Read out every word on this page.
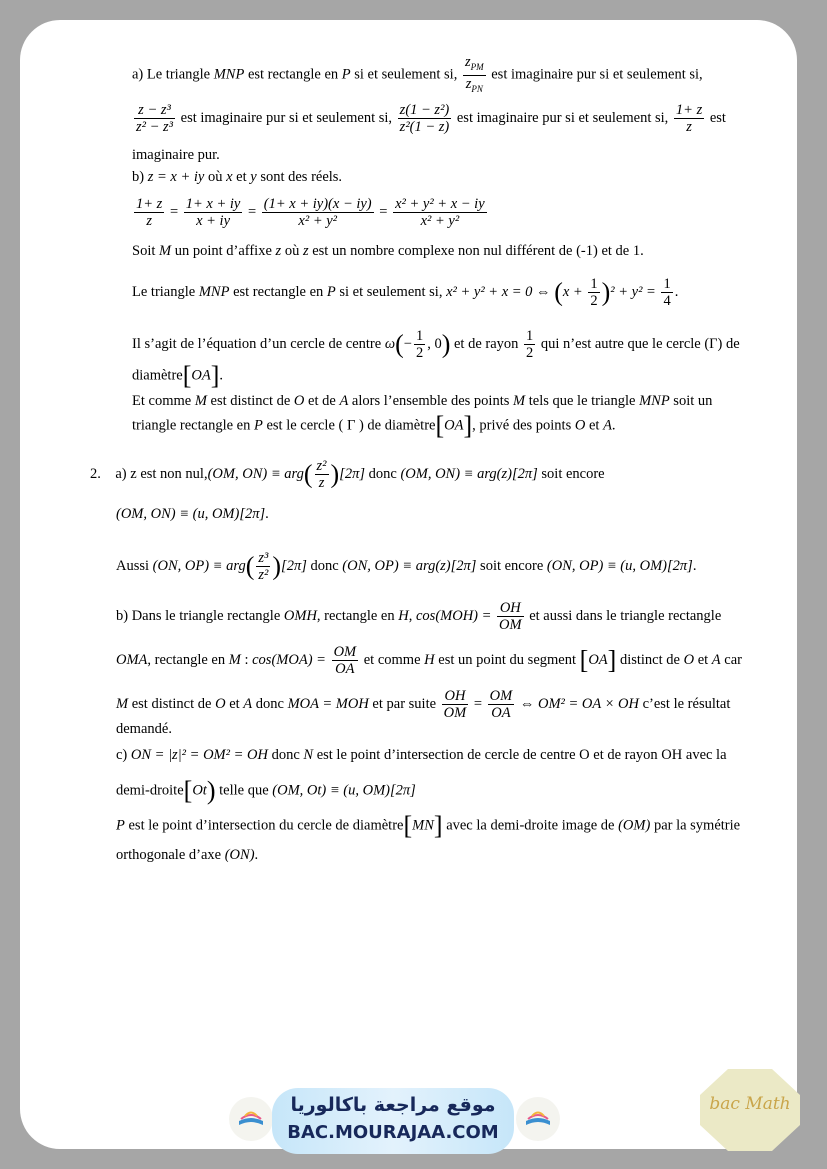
a) Le triangle MNP est rectangle en P si et seulement si, $\frac{z_{PM}}{z_{PN}}$ est imaginaire pur si et seulement si,
$\frac{\text{z − z³}}{\text{z² − z³}}$ est imaginaire pur si et seulement si, $\frac{\text{z(1 − z²)}}{\text{z²(1 − z)}}$ est imaginaire pur si et seulement si, $\frac{1+ z}{z}$ est
imaginaire pur.
b) z = x + iy où x et y sont des réels.
$\frac{1+ z}{z} = \frac{1+ x + iy}{x + iy} = \frac{(1+ x + iy)(x - iy)}{\text{x² + y²}} = \frac{\text{x² + y² + x − iy}}{\text{x² + y²}}$
Soit M un point d’affixe z où z est un nombre complexe non nul différent de (-1) et de 1.
Le triangle MNP est rectangle en P si et seulement si, x² + y² + x = 0 ⇔ $(x + \frac{1}{2} )^2 + y^2 = \frac{1}{4}$ .
Il s’agit de l’équation d’un cercle de centre $\omega(- \frac{1}{2}$ , 0) et de rayon $\frac{1}{2}$ qui n’est autre que le cercle (Γ) de
diamètre[OA].
Et comme M est distinct de O et de A alors l’ensemble des points M tels que le triangle MNP soit un
triangle rectangle en P est le cercle ( Γ ) de diamètre[OA], privé des points O et A.
2. a) z est non nul,(OM, $ON) \equiv arg( \frac{\text{z²}}{z} )[2\pi]$ donc (OM, ON) ≡ arg(z)[2π] soit encore
(OM, ON) ≡ (u, OM)[2π].
Aussi (ON, $OP) \equiv arg( \frac{\text{z³}}{\text{z²}} )[2\pi]$ donc (ON, OP) ≡ arg(z)[2π] soit encore (ON, OP) ≡ (u, OM)[2π].
b) Dans le triangle rectangle OMH, rectangle en H, $\cos(MOH) = \frac{OH}{OM}$ et aussi dans le triangle rectangle
OMA, rectangle en M : $\cos(MOA) = \frac{OM}{OA}$ et comme H est un point du segment [OA] distinct de O et A car
M est distinct de O et A donc MOA = MOH et par suite $\frac{OH}{OM} = \frac{OM}{OA}$ ⇔ OM² = OA × OH c’est le résultat
demandé.
c) ON = |z|² = OM² = OH donc N est le point d’intersection de cercle de centre O et de rayon OH avec la
demi-droite[Ot) telle que (OM, Ot) ≡ (u, OM)[2π]
P est le point d’intersection du cercle de diamètre[MN] avec la demi-droite image de (OM) par la symétrie
orthogonale d’axe (ON).
موقع مراجعة باكالوريا
BAC.MOURAJAA.COM
bac Math
